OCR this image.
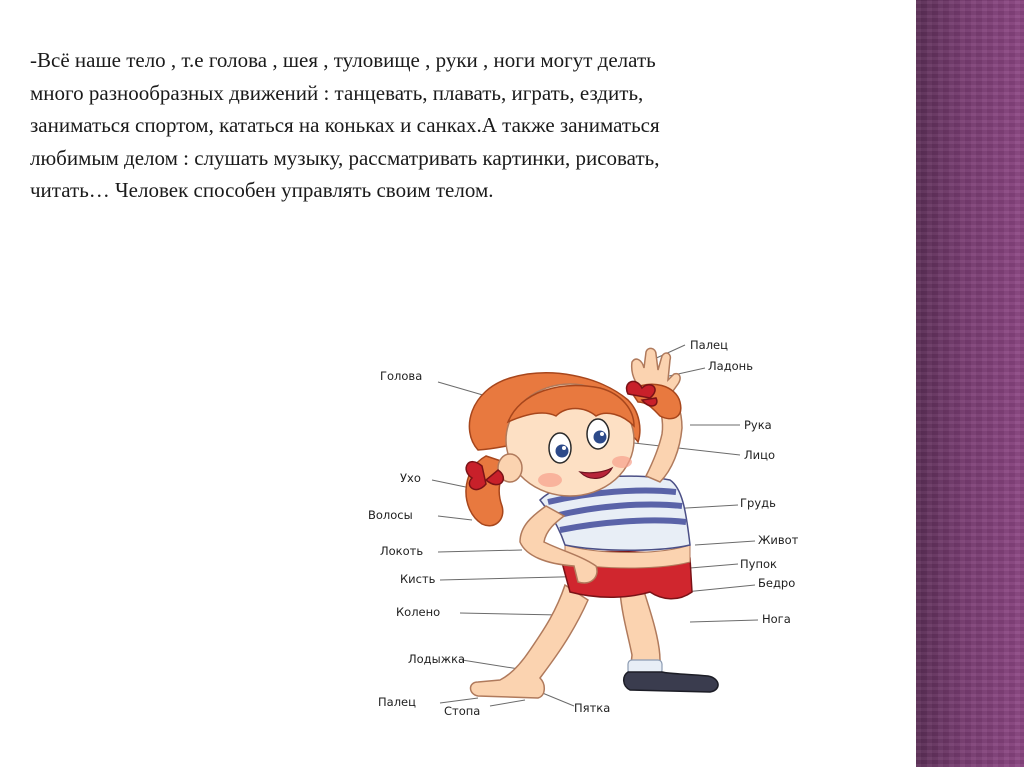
-Всё наше тело , т.е голова , шея , туловище , руки , ноги могут делать
много разнообразных движений : танцевать, плавать, играть, ездить,
заниматься спортом, кататься на коньках и санках.А также заниматься
любимым делом : слушать музыку, рассматривать картинки, рисовать,
читать… Человек способен управлять своим телом.
Голова
Ухо
Волосы
Локоть
Кисть
Колено
Лодыжка
Палец
Стопа	Пятка
Палец
Ладонь
Рука
Лицо
Грудь
Живот
Пупок
Бедро
Нога
